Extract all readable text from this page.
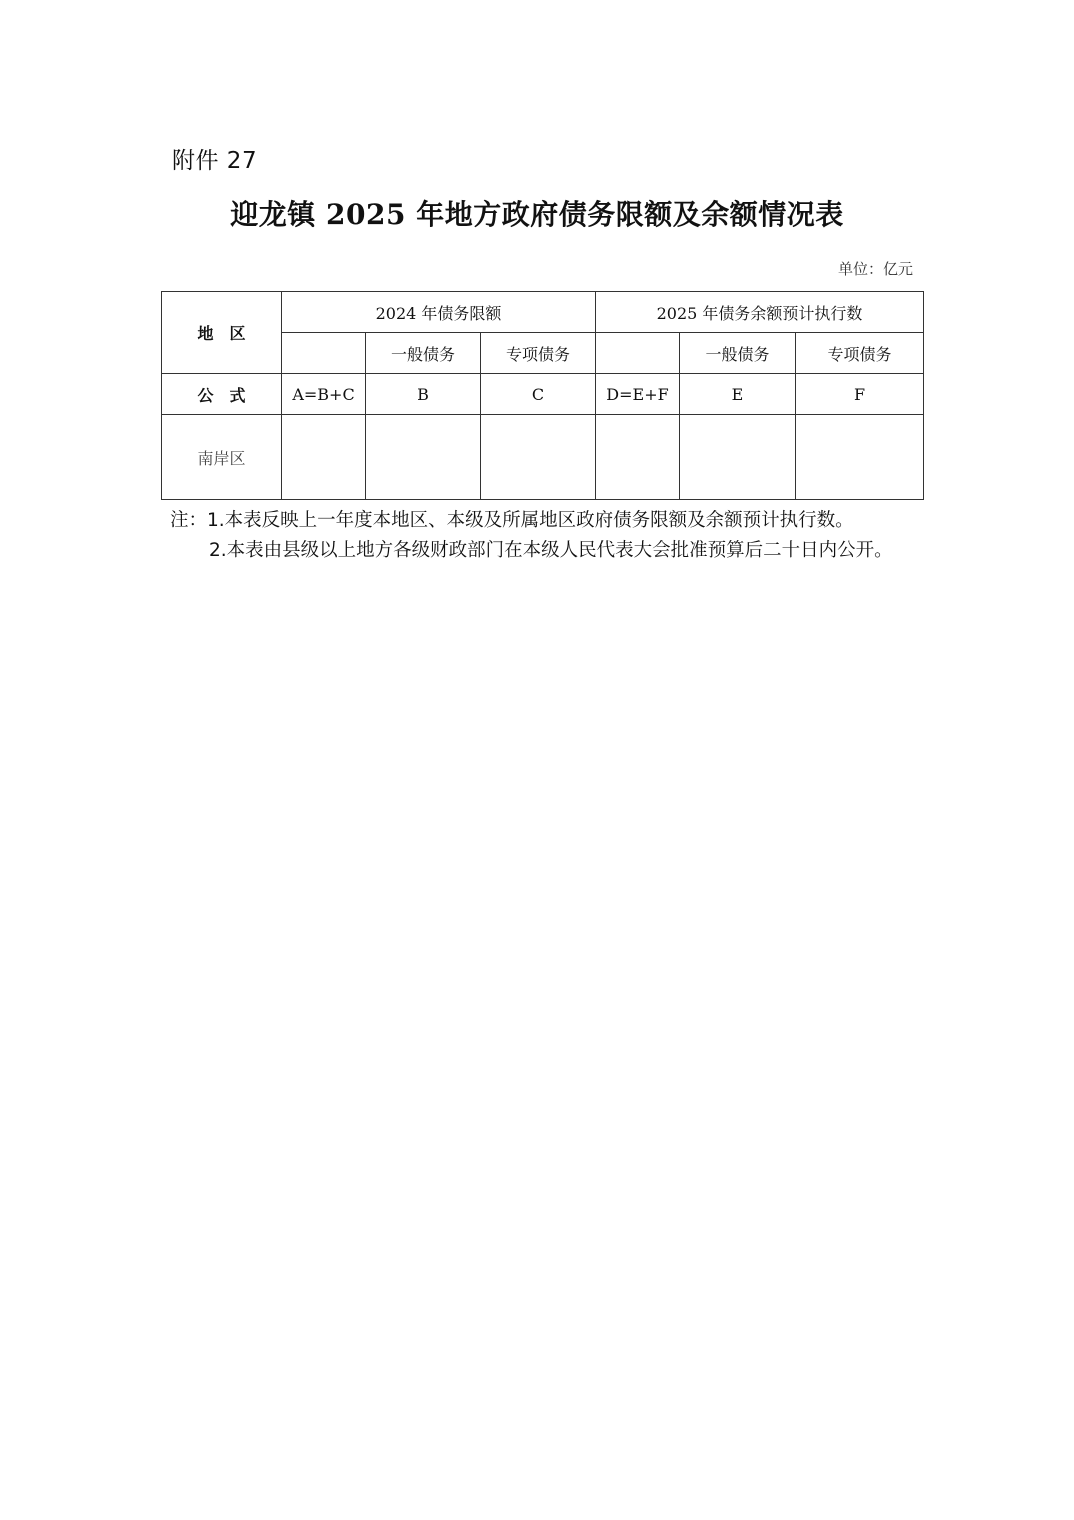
附件 27
迎龙镇 2025 年地方政府债务限额及余额情况表
单位：亿元
地　区	2024 年债务限额			2025 年债务余额预计执行数		
		一般债务	专项债务		一般债务	专项债务
公　式	A=B+C	B	C	D=E+F	E	F
南岸区						

注：1.本表反映上一年度本地区、本级及所属地区政府债务限额及余额预计执行数。

2.本表由县级以上地方各级财政部门在本级人民代表大会批准预算后二十日内公开。
